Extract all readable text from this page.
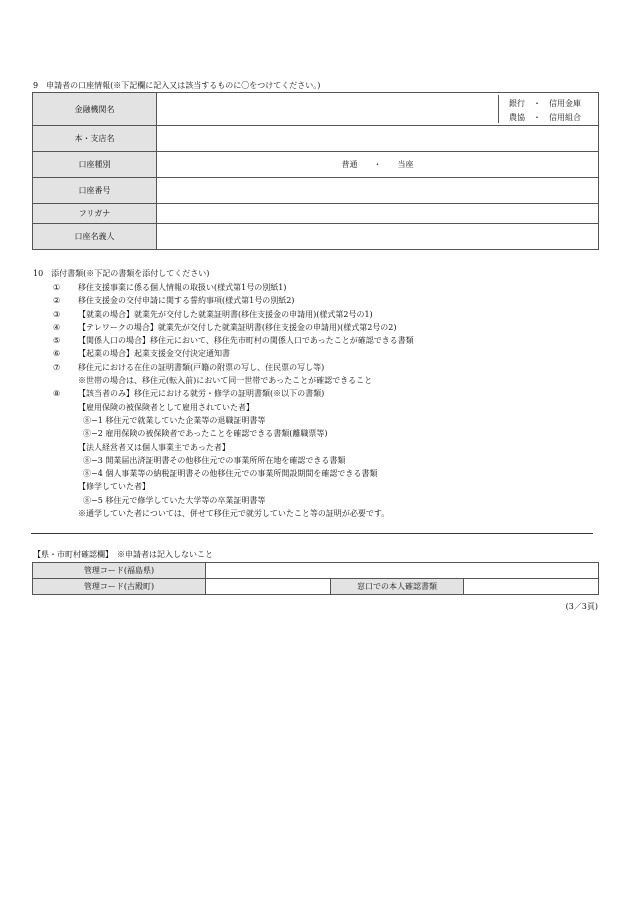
9　申請者の口座情報(※下記欄に記入又は該当するものに〇をつけてください。)
金融機関名	銀行　・　信用金庫
農協　・　信用組合

本・支店名	
口座種別	普通　　・　　当座
口座番号	
フリガナ	
口座名義人	
10　添付書類(※下記の書類を添付してください)
① 移住支援事業に係る個人情報の取扱い(様式第1号の別紙1)
② 移住支援金の交付申請に関する誓約事項(様式第1号の別紙2)
③ 【就業の場合】就業先が交付した就業証明書(移住支援金の申請用)(様式第2号の1)
④ 【テレワークの場合】就業先が交付した就業証明書(移住支援金の申請用)(様式第2号の2)
⑤ 【関係人口の場合】移住元において、移住先市町村の関係人口であったことが確認できる書類
⑥ 【起業の場合】起業支援金交付決定通知書
⑦ 移住元における在住の証明書類(戸籍の附票の写し、住民票の写し等)
※世帯の場合は、移住元(転入前)において同一世帯であったことが確認できること
⑧ 【該当者のみ】移住元における就労・修学の証明書類(※以下の書類)
【雇用保険の被保険者として雇用されていた者】
⑧−1 移住元で就業していた企業等の退職証明書等
⑧−2 雇用保険の被保険者であったことを確認できる書類(離職票等)
【法人経営者又は個人事業主であった者】
⑧−3 開業届出済証明書その他移住元での事業所所在地を確認できる書類
⑧−4 個人事業等の納税証明書その他移住元での事業所開設期間を確認できる書類
【修学していた者】
⑧−5 移住元で修学していた大学等の卒業証明書等
※通学していた者については、併せて移住元で就労していたこと等の証明が必要です。
【県・市町村確認欄】　※申請者は記入しないこと
管理コード(福島県)			
管理コード(古殿町)		窓口での本人確認書類	
(3／3頁)
